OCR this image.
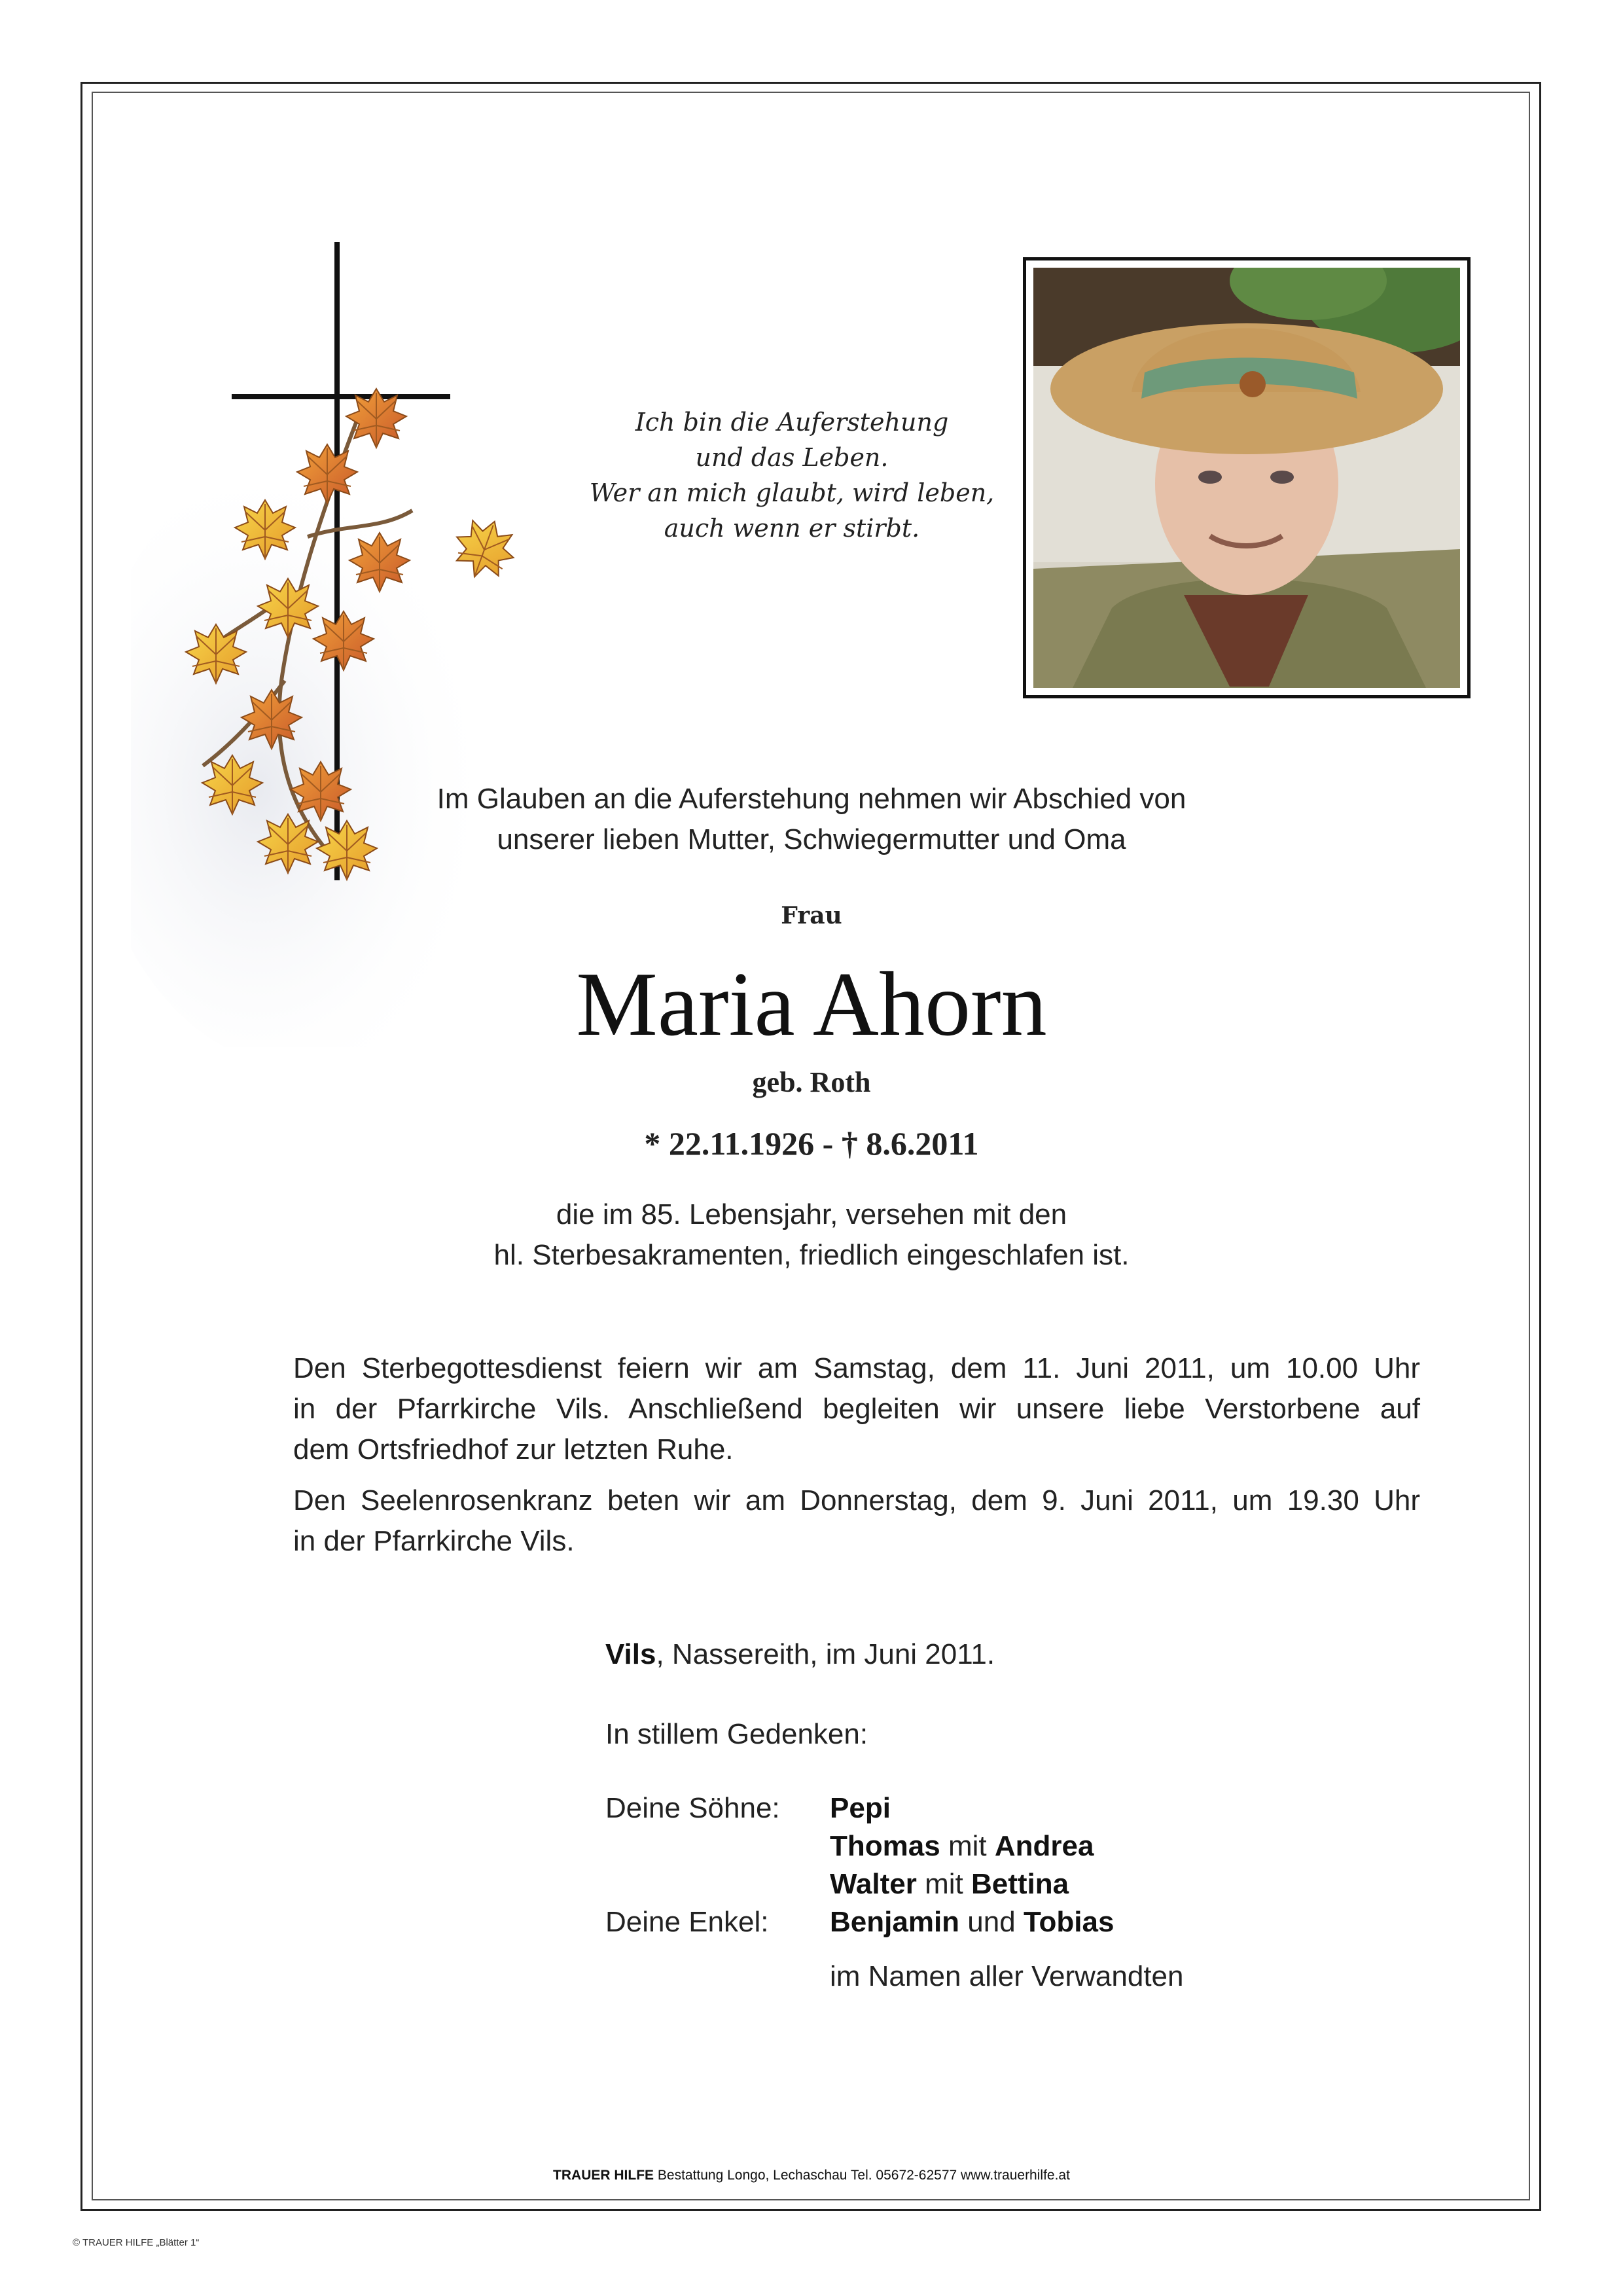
Ich bin die Auferstehung
und das Leben.
Wer an mich glaubt, wird leben,
auch wenn er stirbt.
Im Glauben an die Auferstehung nehmen wir Abschied von
unserer lieben Mutter, Schwiegermutter und Oma
Frau
Maria Ahorn
geb. Roth
* 22.11.1926 - † 8.6.2011
die im 85. Lebensjahr, versehen mit den
hl. Sterbesakramenten, friedlich eingeschlafen ist.
Den Sterbegottesdienst feiern wir am Samstag, dem 11. Juni 2011, um 10.00 Uhr
in der Pfarrkirche Vils. Anschließend begleiten wir unsere liebe Verstorbene auf
dem Ortsfriedhof zur letzten Ruhe.
Den Seelenrosenkranz beten wir am Donnerstag, dem 9. Juni 2011, um 19.30 Uhr
in der Pfarrkirche Vils.
Vils, Nassereith, im Juni 2011.
In stillem Gedenken:
Deine Söhne: Pepi
Thomas mit Andrea
Walter mit Bettina
Deine Enkel: Benjamin und Tobias
im Namen aller Verwandten
TRAUER HILFE Bestattung Longo, Lechaschau Tel. 05672-62577 www.trauerhilfe.at
© TRAUER HILFE „Blätter 1“
